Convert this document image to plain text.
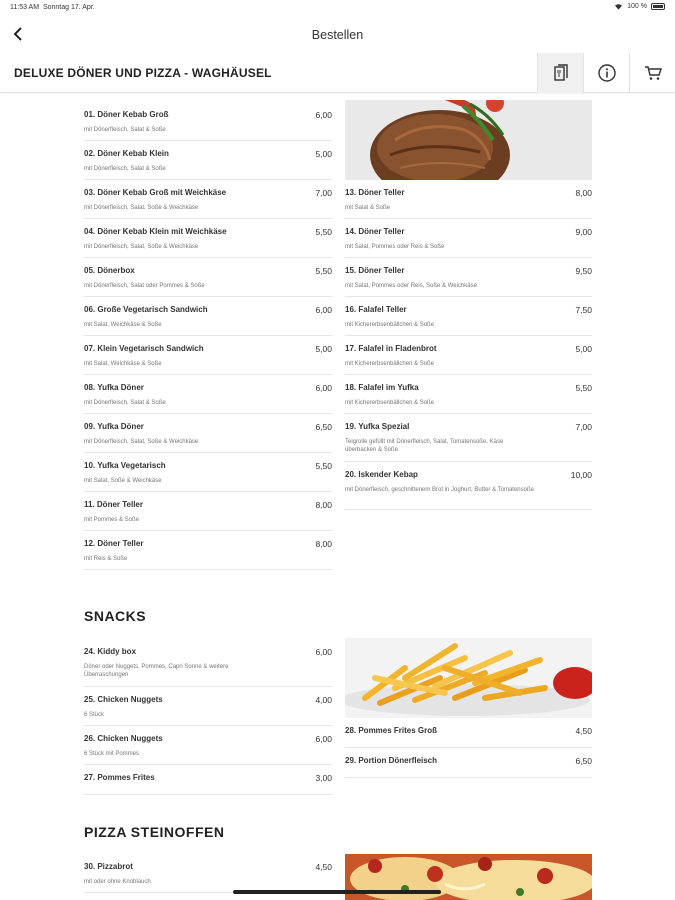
11:53 AM Sonntag 17. Apr.	100 %
Bestellen
DELUXE DÖNER UND PIZZA - WAGHÄUSEL
01. Döner Kebab Groß	6,00
mit Dönerfleisch, Salat & Soße
02. Döner Kebab Klein	5,00
mit Dönerfleisch, Salat & Soße
03. Döner Kebab Groß mit Weichkäse	7,00
mit Dönerfleisch, Salat, Soße & Weichkäse
04. Döner Kebab Klein mit Weichkäse	5,50
mit Dönerfleisch, Salat, Soße & Weichkäse
05. Dönerbox	5,50
mit Dönerfleisch, Salat oder Pommes & Soße
06. Große Vegetarisch Sandwich	6,00
mit Salat, Weichkäse & Soße
07. Klein Vegetarisch Sandwich	5,00
mit Salat, Weichkäse & Soße
08. Yufka Döner	6,00
mit Dönerfleisch, Salat & Soße
09. Yufka Döner	6,50
mit Dönerfleisch, Salat, Soße & Weichkäse
10. Yufka Vegetarisch	5,50
mit Salat, Soße & Weichkäse
11. Döner Teller	8,00
mit Pommes & Soße
12. Döner Teller	8,00
mit Reis & Soße
13. Döner Teller	8,00
mit Salat & Soße
14. Döner Teller	9,00
mit Salat, Pommes oder Reis & Soße
15. Döner Teller	9,50
mit Salat, Pommes oder Reis, Soße & Weichkäse
16. Falafel Teller	7,50
mit Kichererbsenbällchen & Soße
17. Falafel in Fladenbrot	5,00
mit Kichererbsenbällchen & Soße
18. Falafel im Yufka	5,50
mit Kichererbsenbällchen & Soße
19. Yufka Spezial	7,00
Teigrolle gefüllt mit Dönerfleisch, Salat, Tomatensoße, Käse überbacken & Soße
20. Iskender Kebap	10,00
mit Dönerfleisch, geschnittenem Brot in Joghurt, Butter & Tomatensoße
SNACKS
24. Kiddy box	6,00
Döner oder Nuggets, Pommes, Capri Sonne & weitere Überraschungen
25. Chicken Nuggets	4,00
6 Stück
26. Chicken Nuggets	6,00
6 Stück mit Pommes
27. Pommes Frites	3,00
28. Pommes Frites Groß	4,50
29. Portion Dönerfleisch	6,50
PIZZA STEINOFFEN
30. Pizzabrot	4,50
mit oder ohne Knoblauch
